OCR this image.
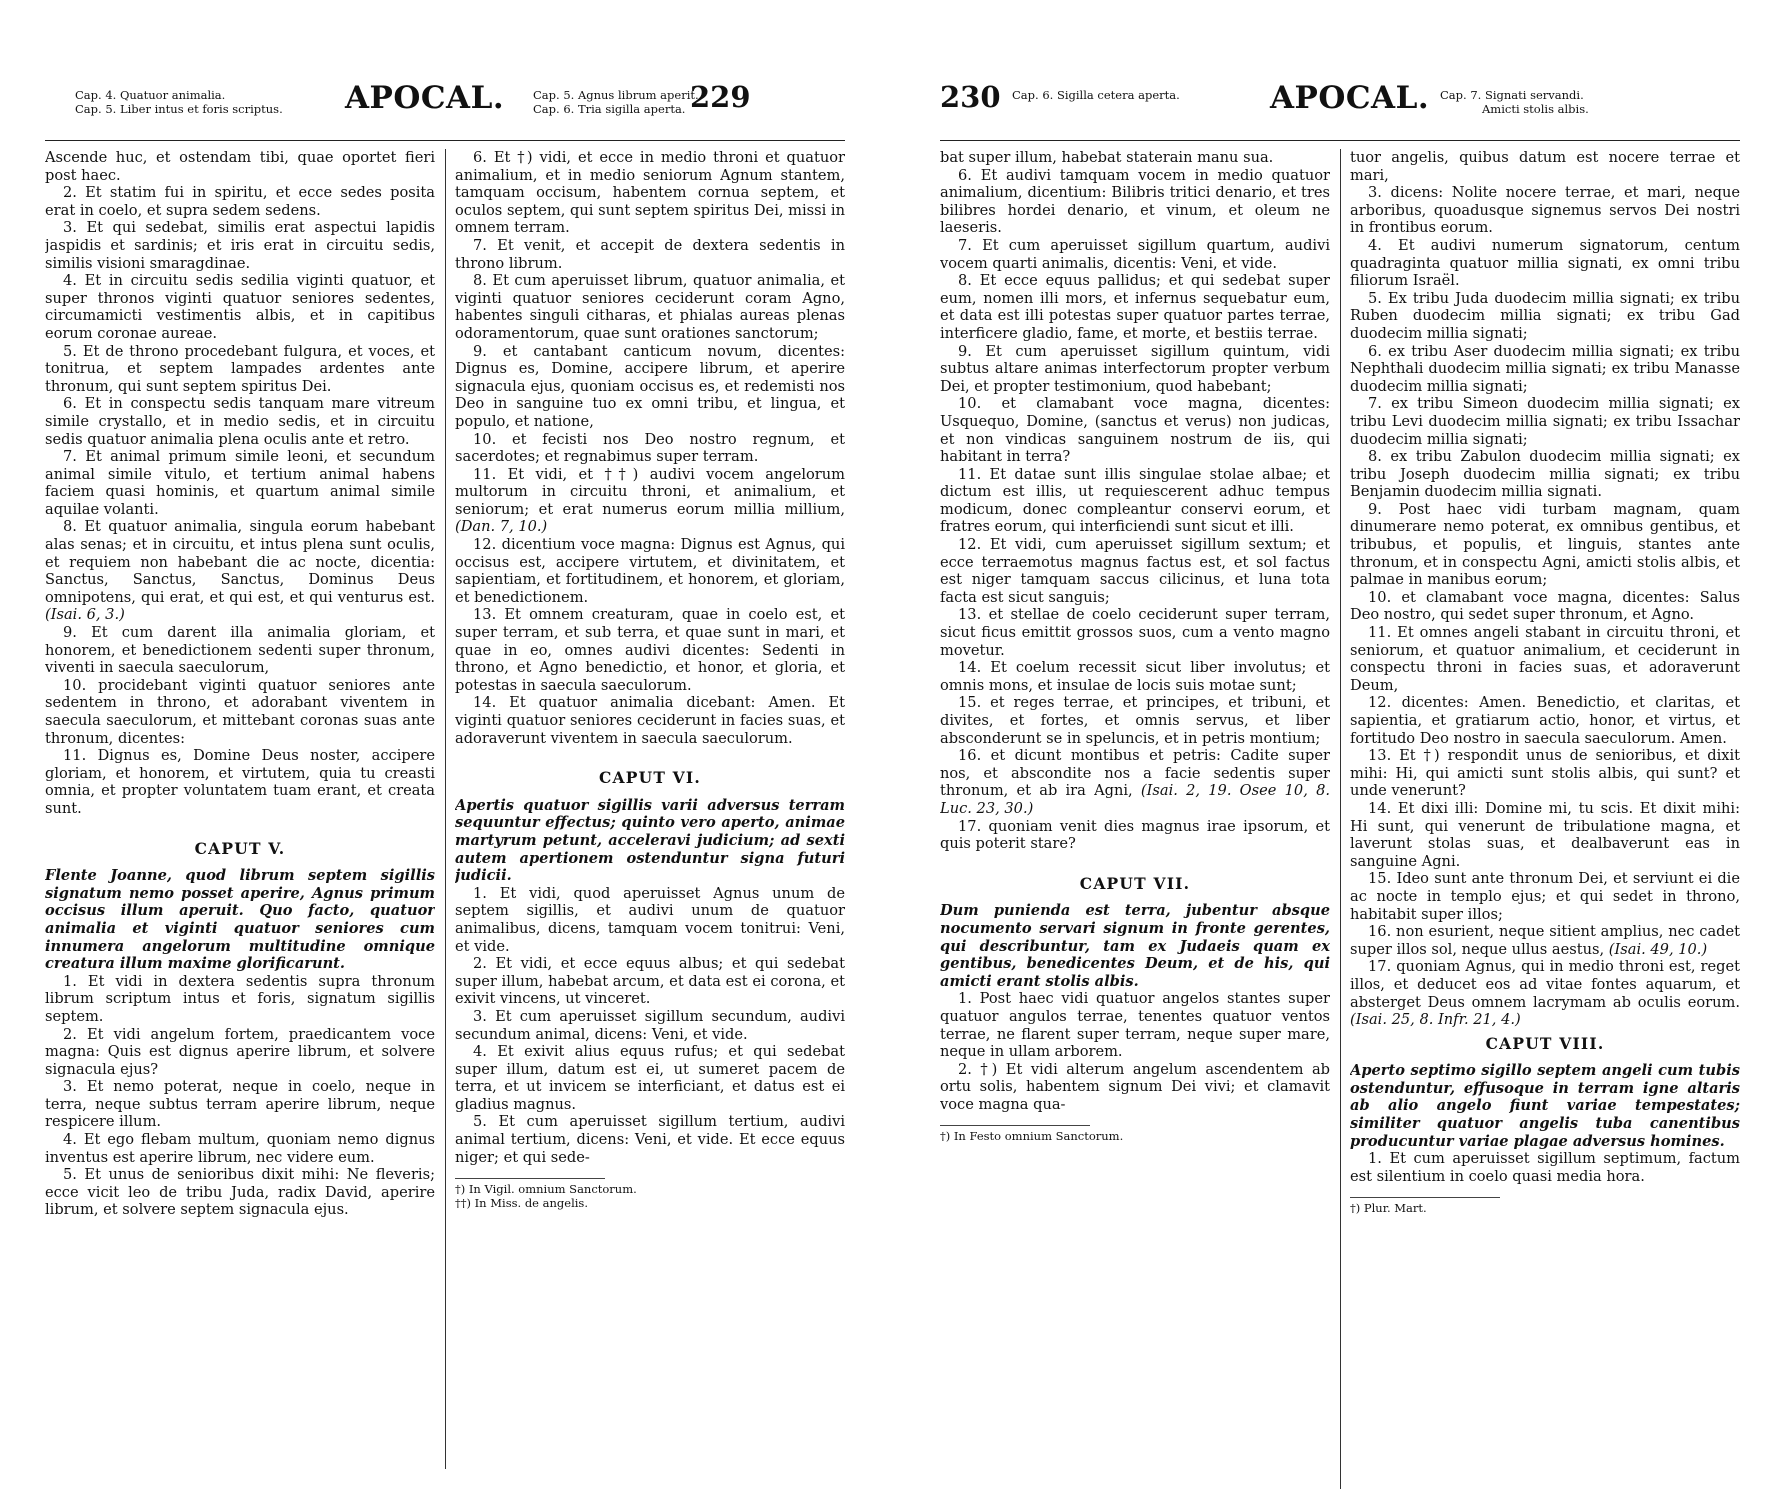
Cap. 4. Quatuor animalia.
Cap. 5. Liber intus et foris scriptus. APOCAL.	Cap. 5. Agnus librum aperit.
Cap. 6. Tria sigilla aperta. 229

Ascende huc, et ostendam tibi, quae oportet fieri post haec.

2. Et statim fui in spiritu, et ecce sedes posita erat in coelo, et supra sedem sedens.

3. Et qui sedebat, similis erat aspectui lapidis jaspidis et sardinis; et iris erat in circuitu sedis, similis visioni smaragdinae.

4. Et in circuitu sedis sedilia viginti quatuor, et super thronos viginti quatuor seniores sedentes, circumamicti vestimentis albis, et in capitibus eorum coronae aureae.

5. Et de throno procedebant fulgura, et voces, et tonitrua, et septem lampades ardentes ante thronum, qui sunt septem spiritus Dei.

6. Et in conspectu sedis tanquam mare vitreum simile crystallo, et in medio sedis, et in circuitu sedis quatuor animalia plena oculis ante et retro.

7. Et animal primum simile leoni, et secundum animal simile vitulo, et tertium animal habens faciem quasi hominis, et quartum animal simile aquilae volanti.

8. Et quatuor animalia, singula eorum habebant alas senas; et in circuitu, et intus plena sunt oculis, et requiem non habebant die ac nocte, dicentia: Sanctus, Sanctus, Sanctus, Dominus Deus omnipotens, qui erat, et qui est, et qui venturus est. (Isai. 6, 3.)

9. Et cum darent illa animalia gloriam, et honorem, et benedictionem sedenti super thronum, viventi in saecula saeculorum,

10. procidebant viginti quatuor seniores ante sedentem in throno, et adorabant viventem in saecula saeculorum, et mittebant coronas suas ante thronum, dicentes:

11. Dignus es, Domine Deus noster, accipere gloriam, et honorem, et virtutem, quia tu creasti omnia, et propter voluntatem tuam erant, et creata sunt.

CAPUT V.

Flente Joanne, quod librum septem sigillis signatum nemo posset aperire, Agnus primum occisus illum aperuit. Quo facto, quatuor animalia et viginti quatuor seniores cum innumera angelorum multitudine omnique creatura illum maxime glorificarunt.

1. Et vidi in dextera sedentis supra thronum librum scriptum intus et foris, signatum sigillis septem.

2. Et vidi angelum fortem, praedicantem voce magna: Quis est dignus aperire librum, et solvere signacula ejus?

3. Et nemo poterat, neque in coelo, neque in terra, neque subtus terram aperire librum, neque respicere illum.

4. Et ego flebam multum, quoniam nemo dignus inventus est aperire librum, nec videre eum.

5. Et unus de senioribus dixit mihi: Ne fleveris; ecce vicit leo de tribu Juda, radix David, aperire librum, et solvere septem signacula ejus.

6. Et †) vidi, et ecce in medio throni et quatuor animalium, et in medio seniorum Agnum stantem, tamquam occisum, habentem cornua septem, et oculos septem, qui sunt septem spiritus Dei, missi in omnem terram.

7. Et venit, et accepit de dextera sedentis in throno librum.

8. Et cum aperuisset librum, quatuor animalia, et viginti quatuor seniores ceciderunt coram Agno, habentes singuli citharas, et phialas aureas plenas odoramentorum, quae sunt orationes sanctorum;

9. et cantabant canticum novum, dicentes: Dignus es, Domine, accipere librum, et aperire signacula ejus, quoniam occisus es, et redemisti nos Deo in sanguine tuo ex omni tribu, et lingua, et populo, et natione,

10. et fecisti nos Deo nostro regnum, et sacerdotes; et regnabimus super terram.

11. Et vidi, et ††) audivi vocem angelorum multorum in circuitu throni, et animalium, et seniorum; et erat numerus eorum millia millium, (Dan. 7, 10.)

12. dicentium voce magna: Dignus est Agnus, qui occisus est, accipere virtutem, et divinitatem, et sapientiam, et fortitudinem, et honorem, et gloriam, et benedictionem.

13. Et omnem creaturam, quae in coelo est, et super terram, et sub terra, et quae sunt in mari, et quae in eo, omnes audivi dicentes: Sedenti in throno, et Agno benedictio, et honor, et gloria, et potestas in saecula saeculorum.

14. Et quatuor animalia dicebant: Amen. Et viginti quatuor seniores ceciderunt in facies suas, et adoraverunt viventem in saecula saeculorum.

CAPUT VI.

Apertis quatuor sigillis varii adversus terram sequuntur effectus; quinto vero aperto, animae martyrum petunt, acceleravi judicium; ad sexti autem apertionem ostenduntur signa futuri judicii.

1. Et vidi, quod aperuisset Agnus unum de septem sigillis, et audivi unum de quatuor animalibus, dicens, tamquam vocem tonitrui: Veni, et vide.

2. Et vidi, et ecce equus albus; et qui sedebat super illum, habebat arcum, et data est ei corona, et exivit vincens, ut vinceret.

3. Et cum aperuisset sigillum secundum, audivi secundum animal, dicens: Veni, et vide.

4. Et exivit alius equus rufus; et qui sedebat super illum, datum est ei, ut sumeret pacem de terra, et ut invicem se interficiant, et datus est ei gladius magnus.

5. Et cum aperuisset sigillum tertium, audivi animal tertium, dicens: Veni, et vide. Et ecce equus niger; et qui sede-

†) In Vigil. omnium Sanctorum.
††) In Miss. de angelis.
230 Cap. 6. Sigilla cetera aperta.	APOCAL. Cap. 7. Signati servandi.
Amicti stolis albis.

bat super illum, habebat staterain manu sua.

6. Et audivi tamquam vocem in medio quatuor animalium, dicentium: Bilibris tritici denario, et tres bilibres hordei denario, et vinum, et oleum ne laeseris.

7. Et cum aperuisset sigillum quartum, audivi vocem quarti animalis, dicentis: Veni, et vide.

8. Et ecce equus pallidus; et qui sedebat super eum, nomen illi mors, et infernus sequebatur eum, et data est illi potestas super quatuor partes terrae, interficere gladio, fame, et morte, et bestiis terrae.

9. Et cum aperuisset sigillum quintum, vidi subtus altare animas interfectorum propter verbum Dei, et propter testimonium, quod habebant;

10. et clamabant voce magna, dicentes: Usquequo, Domine, (sanctus et verus) non judicas, et non vindicas sanguinem nostrum de iis, qui habitant in terra?

11. Et datae sunt illis singulae stolae albae; et dictum est illis, ut requiescerent adhuc tempus modicum, donec compleantur conservi eorum, et fratres eorum, qui interficiendi sunt sicut et illi.

12. Et vidi, cum aperuisset sigillum sextum; et ecce terraemotus magnus factus est, et sol factus est niger tamquam saccus cilicinus, et luna tota facta est sicut sanguis;

13. et stellae de coelo ceciderunt super terram, sicut ficus emittit grossos suos, cum a vento magno movetur.

14. Et coelum recessit sicut liber involutus; et omnis mons, et insulae de locis suis motae sunt;

15. et reges terrae, et principes, et tribuni, et divites, et fortes, et omnis servus, et liber absconderunt se in speluncis, et in petris montium;

16. et dicunt montibus et petris: Cadite super nos, et abscondite nos a facie sedentis super thronum, et ab ira Agni, (Isai. 2, 19. Osee 10, 8. Luc. 23, 30.)

17. quoniam venit dies magnus irae ipsorum, et quis poterit stare?

CAPUT VII.

Dum punienda est terra, jubentur absque nocumento servari signum in fronte gerentes, qui describuntur, tam ex Judaeis quam ex gentibus, benedicentes Deum, et de his, qui amicti erant stolis albis.

1. Post haec vidi quatuor angelos stantes super quatuor angulos terrae, tenentes quatuor ventos terrae, ne flarent super terram, neque super mare, neque in ullam arborem.

2. †) Et vidi alterum angelum ascendentem ab ortu solis, habentem signum Dei vivi; et clamavit voce magna qua-

†) In Festo omnium Sanctorum.

tuor angelis, quibus datum est nocere terrae et mari,

3. dicens: Nolite nocere terrae, et mari, neque arboribus, quoadusque signemus servos Dei nostri in frontibus eorum.

4. Et audivi numerum signatorum, centum quadraginta quatuor millia signati, ex omni tribu filiorum Israël.

5. Ex tribu Juda duodecim millia signati; ex tribu Ruben duodecim millia signati; ex tribu Gad duodecim millia signati;

6. ex tribu Aser duodecim millia signati; ex tribu Nephthali duodecim millia signati; ex tribu Manasse duodecim millia signati;

7. ex tribu Simeon duodecim millia signati; ex tribu Levi duodecim millia signati; ex tribu Issachar duodecim millia signati;

8. ex tribu Zabulon duodecim millia signati; ex tribu Joseph duodecim millia signati; ex tribu Benjamin duodecim millia signati.

9. Post haec vidi turbam magnam, quam dinumerare nemo poterat, ex omnibus gentibus, et tribubus, et populis, et linguis, stantes ante thronum, et in conspectu Agni, amicti stolis albis, et palmae in manibus eorum;

10. et clamabant voce magna, dicentes: Salus Deo nostro, qui sedet super thronum, et Agno.

11. Et omnes angeli stabant in circuitu throni, et seniorum, et quatuor animalium, et ceciderunt in conspectu throni in facies suas, et adoraverunt Deum,

12. dicentes: Amen. Benedictio, et claritas, et sapientia, et gratiarum actio, honor, et virtus, et fortitudo Deo nostro in saecula saeculorum. Amen.

13. Et †) respondit unus de senioribus, et dixit mihi: Hi, qui amicti sunt stolis albis, qui sunt? et unde venerunt?

14. Et dixi illi: Domine mi, tu scis. Et dixit mihi: Hi sunt, qui venerunt de tribulatione magna, et laverunt stolas suas, et dealbaverunt eas in sanguine Agni.

15. Ideo sunt ante thronum Dei, et serviunt ei die ac nocte in templo ejus; et qui sedet in throno, habitabit super illos;

16. non esurient, neque sitient amplius, nec cadet super illos sol, neque ullus aestus, (Isai. 49, 10.)

17. quoniam Agnus, qui in medio throni est, reget illos, et deducet eos ad vitae fontes aquarum, et absterget Deus omnem lacrymam ab oculis eorum. (Isai. 25, 8. Infr. 21, 4.)

CAPUT VIII.

Aperto septimo sigillo septem angeli cum tubis ostenduntur, effusoque in terram igne altaris ab alio angelo fiunt variae tempestates; similiter quatuor angelis tuba canentibus producuntur variae plagae adversus homines.

1. Et cum aperuisset sigillum septimum, factum est silentium in coelo quasi media hora.

†) Plur. Mart.
